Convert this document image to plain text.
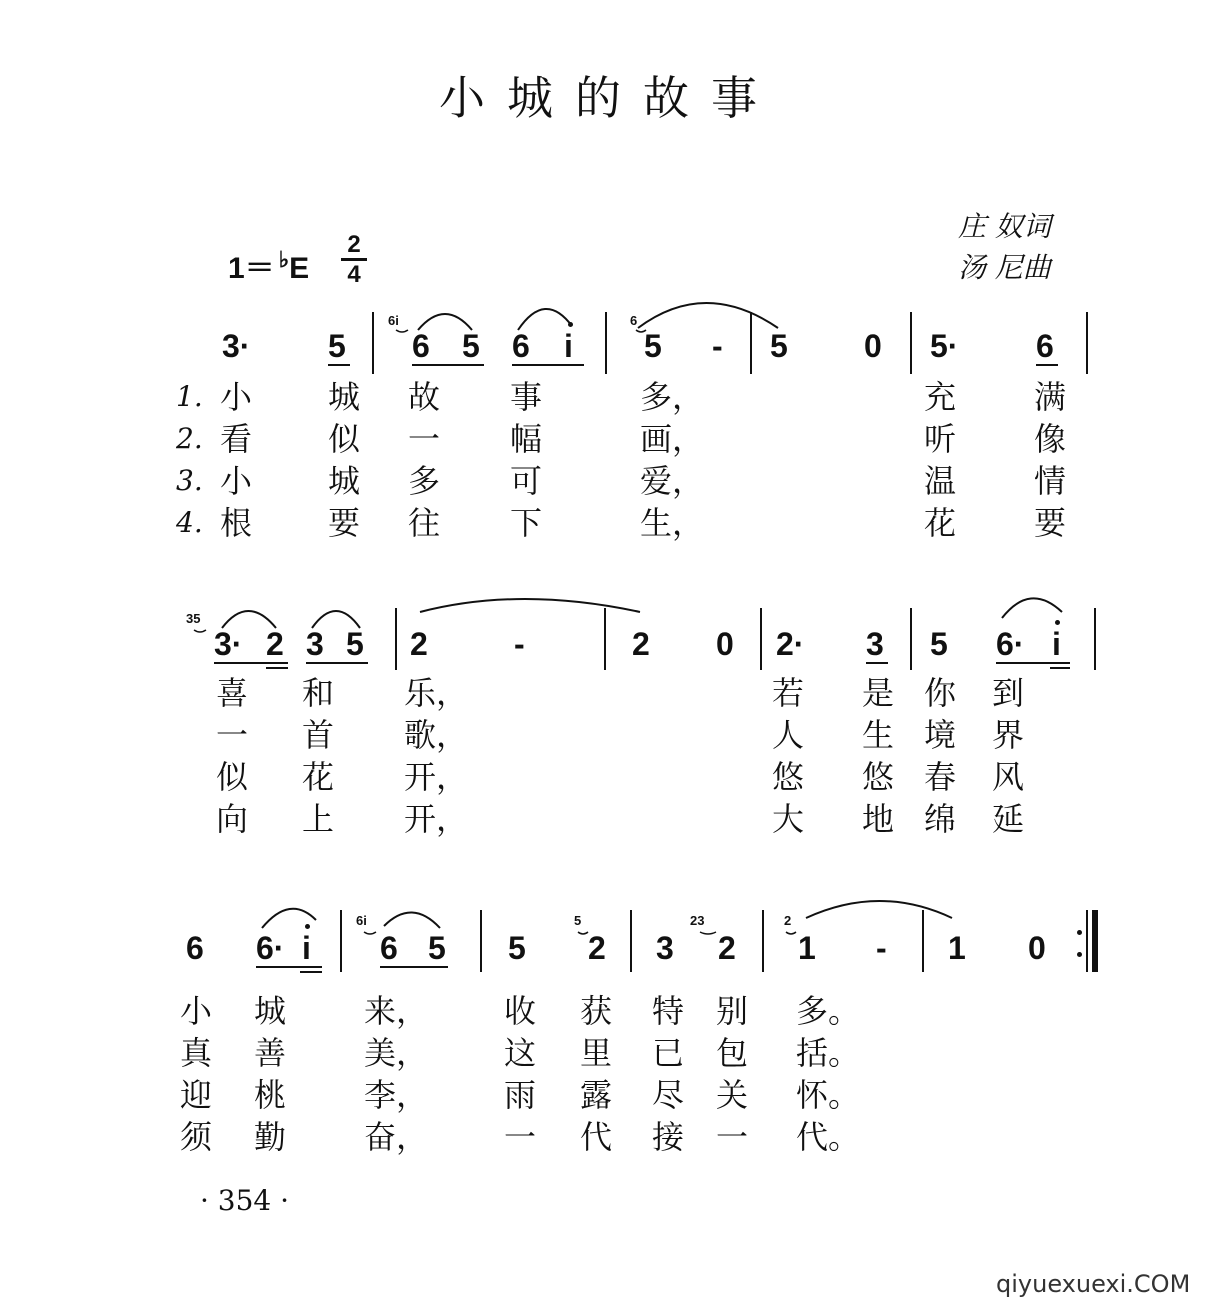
小城的故事
庄 奴词
汤 尼曲
1＝ ♭E
2
4
3· 5
6i
6 5 6 i
6
5 - 5 0 5· 6
1.
2.
3.
4.
小 城 故 事	多，	充 满
看 似 一 幅	画，	听 像
小 城 多 可	爱，	温 情
根 要 往 下	生，	花 要
35
3· 2 3 5 2	-	2 0 2· 3 5 6· i
喜 和 乐，	若 是 你 到
一 首 歌，	人 生 境 界
似 花 开，	悠 悠 春 风
向 上 开，	大 地 绵 延
6 6· i
6i
6 5 5
5
2 3
23
2
2
1 - 1 0
小 城 来， 收 获 特 别 多。
真 善 美， 这 里 已 包 括。
迎 桃 李， 雨 露 尽 关 怀。
须 勤 奋， 一 代 接 一 代。
· 354 ·
qiyuexuexi.COM
